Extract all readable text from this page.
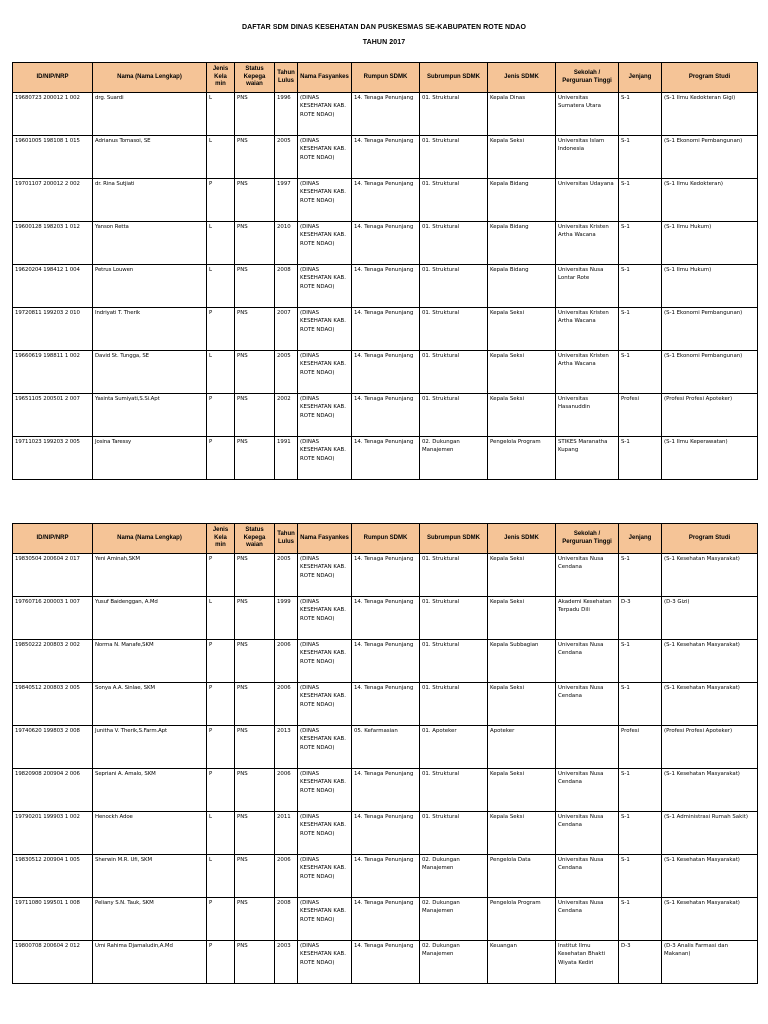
DAFTAR SDM DINAS KESEHATAN DAN PUSKESMAS SE-KABUPATEN ROTE NDAO
TAHUN 2017
ID/NIP/NRP	Nama (Nama Lengkap)	Jenis Kela min	Status Kepega waian	Tahun Lulus	Nama Fasyankes	Rumpun SDMK	Subrumpun SDMK	Jenis SDMK	Sekolah / Perguruan Tinggi	Jenjang	Program Studi
19680723 200012 1 002	drg. Suardi	L	PNS	1996	(DINAS KESEHATAN KAB. ROTE NDAO)	14. Tenaga Penunjang	01. Struktural	Kepala Dinas	Universitas Sumatera Utara	S-1	(S-1 Ilmu Kedokteran Gigi)
19601005 198108 1 015	Adrianus Tomasoi, SE	L	PNS	2005	(DINAS KESEHATAN KAB. ROTE NDAO)	14. Tenaga Penunjang	01. Struktural	Kepala Seksi	Universitas Islam Indonesia	S-1	(S-1 Ekonomi Pembangunan)
19701107 200012 2 002	dr. Rina Sutjiati	P	PNS	1997	(DINAS KESEHATAN KAB. ROTE NDAO)	14. Tenaga Penunjang	01. Struktural	Kepala Bidang	Universitas Udayana	S-1	(S-1 Ilmu Kedokteran)
19600128 198203 1 012	Yanson Retta	L	PNS	2010	(DINAS KESEHATAN KAB. ROTE NDAO)	14. Tenaga Penunjang	01. Struktural	Kepala Bidang	Universitas Kristen Artha Wacana	S-1	(S-1 Ilmu Hukum)
19620204 198412 1 004	Petrus Louwen	L	PNS	2008	(DINAS KESEHATAN KAB. ROTE NDAO)	14. Tenaga Penunjang	01. Struktural	Kepala Bidang	Universitas Nusa Lontar Rote	S-1	(S-1 Ilmu Hukum)
19720811 199203 2 010	Indriyati T. Therik	P	PNS	2007	(DINAS KESEHATAN KAB. ROTE NDAO)	14. Tenaga Penunjang	01. Struktural	Kepala Seksi	Universitas Kristen Artha Wacana	S-1	(S-1 Ekonomi Pembangunan)
19660619 198811 1 002	David St. Tungga, SE	L	PNS	2005	(DINAS KESEHATAN KAB. ROTE NDAO)	14. Tenaga Penunjang	01. Struktural	Kepala Seksi	Universitas Kristen Artha Wacana	S-1	(S-1 Ekonomi Pembangunan)
19651105 200501 2 007	Yasinta Sumiyati,S.Si.Apt	P	PNS	2002	(DINAS KESEHATAN KAB. ROTE NDAO)	14. Tenaga Penunjang	01. Struktural	Kepala Seksi	Universitas Hasanuddin	Profesi	(Profesi Profesi Apoteker)
19711023 199203 2 005	Josina Taressy	P	PNS	1991	(DINAS KESEHATAN KAB. ROTE NDAO)	14. Tenaga Penunjang	02. Dukungan Manajemen	Pengelola Program	STIKES Maranatha Kupang	S-1	(S-1 Ilmu Keperawatan)
ID/NIP/NRP	Nama (Nama Lengkap)	Jenis Kela min	Status Kepega waian	Tahun Lulus	Nama Fasyankes	Rumpun SDMK	Subrumpun SDMK	Jenis SDMK	Sekolah / Perguruan Tinggi	Jenjang	Program Studi
19830504 200604 2 017	Yeni Aminah,SKM	P	PNS	2005	(DINAS KESEHATAN KAB. ROTE NDAO)	14. Tenaga Penunjang	01. Struktural	Kepala Seksi	Universitas Nusa Cendana	S-1	(S-1 Kesehatan Masyarakat)
19760716 200003 1 007	Yusuf Baidenggan, A.Md	L	PNS	1999	(DINAS KESEHATAN KAB. ROTE NDAO)	14. Tenaga Penunjang	01. Struktural	Kepala Seksi	Akademi Kesehatan Terpadu Dili	D-3	(D-3 Gizi)
19850222 200803 2 002	Norma N. Manafe,SKM	P	PNS	2006	(DINAS KESEHATAN KAB. ROTE NDAO)	14. Tenaga Penunjang	01. Struktural	Kepala Subbagian	Universitas Nusa Cendana	S-1	(S-1 Kesehatan Masyarakat)
19840512 200803 2 005	Sonya A.A. Sinlae, SKM	P	PNS	2006	(DINAS KESEHATAN KAB. ROTE NDAO)	14. Tenaga Penunjang	01. Struktural	Kepala Seksi	Universitas Nusa Cendana	S-1	(S-1 Kesehatan Masyarakat)
19740620 199803 2 008	Junitha V. Therik,S.Farm.Apt	P	PNS	2013	(DINAS KESEHATAN KAB. ROTE NDAO)	05. Kefarmasian	01. Apoteker	Apoteker		Profesi	(Profesi Profesi Apoteker)
19820908 200904 2 006	Sepriani A. Amalo, SKM	P	PNS	2006	(DINAS KESEHATAN KAB. ROTE NDAO)	14. Tenaga Penunjang	01. Struktural	Kepala Seksi	Universitas Nusa Cendana	S-1	(S-1 Kesehatan Masyarakat)
19790201 199903 1 002	Henockh Adoe	L	PNS	2011	(DINAS KESEHATAN KAB. ROTE NDAO)	14. Tenaga Penunjang	01. Struktural	Kepala Seksi	Universitas Nusa Cendana	S-1	(S-1 Administrasi Rumah Sakit)
19830512 200904 1 005	Sherwin M.R. Ufi, SKM	L	PNS	2006	(DINAS KESEHATAN KAB. ROTE NDAO)	14. Tenaga Penunjang	02. Dukungan Manajemen	Pengelola Data	Universitas Nusa Cendana	S-1	(S-1 Kesehatan Masyarakat)
19711080 199501 1 008	Peliany S.N. Tauk, SKM	P	PNS	2008	(DINAS KESEHATAN KAB. ROTE NDAO)	14. Tenaga Penunjang	02. Dukungan Manajemen	Pengelola Program	Universitas Nusa Cendana	S-1	(S-1 Kesehatan Masyarakat)
19800708 200604 2 012	Umi Rahima Djamaludin,A.Md	P	PNS	2003	(DINAS KESEHATAN KAB. ROTE NDAO)	14. Tenaga Penunjang	02. Dukungan Manajemen	Keuangan	Institut Ilmu Kesehatan Bhakti Wiyata Kediri	D-3	(D-3 Analis Farmasi dan Makanan)
